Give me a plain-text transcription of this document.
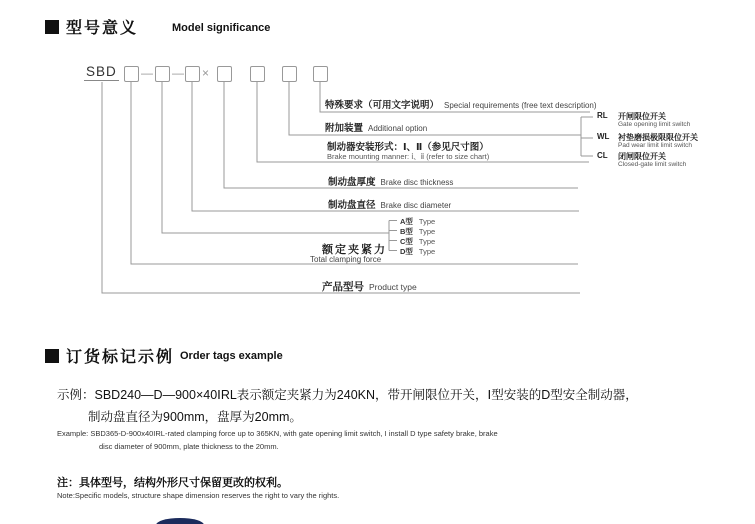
型号意义	Model significance
SBD — — ×
特殊要求（可用文字说明） Special requirements (free text description)
附加装置 Additional option
制动器安装形式：Ⅰ、Ⅱ（参见尺寸图）
Brake mounting manner: ⅰ、ⅱ (refer to size chart)
制动盘厚度 Brake disc thickness
制动盘直径 Brake disc diameter
额定夹紧力
Total clamping force
产品型号 Product type
A型 Type
B型 Type
C型 Type
D型 Type
RL 开闸限位开关
Gate opening limit switch
WL 衬垫磨损极限限位开关
Pad wear limit limit switch
CL 闭闸限位开关
Closed-gate limit switch
订货标记示例 Order tags example
示例：SBD240—D—900×40ⅠRL表示额定夹紧力为240KN，带开闸限位开关，Ⅰ型安装的D型安全制动器，
制动盘直径为900mm，盘厚为20mm。
Example: SBD365-D-900x40IRL-rated clamping force up to 365KN, with gate opening limit switch, I install D type safety brake, brake
disc diameter of 900mm, plate thickness to the 20mm.
注：具体型号，结构外形尺寸保留更改的权利。
Note:Specific models, structure shape dimension reserves the right to vary the rights.
